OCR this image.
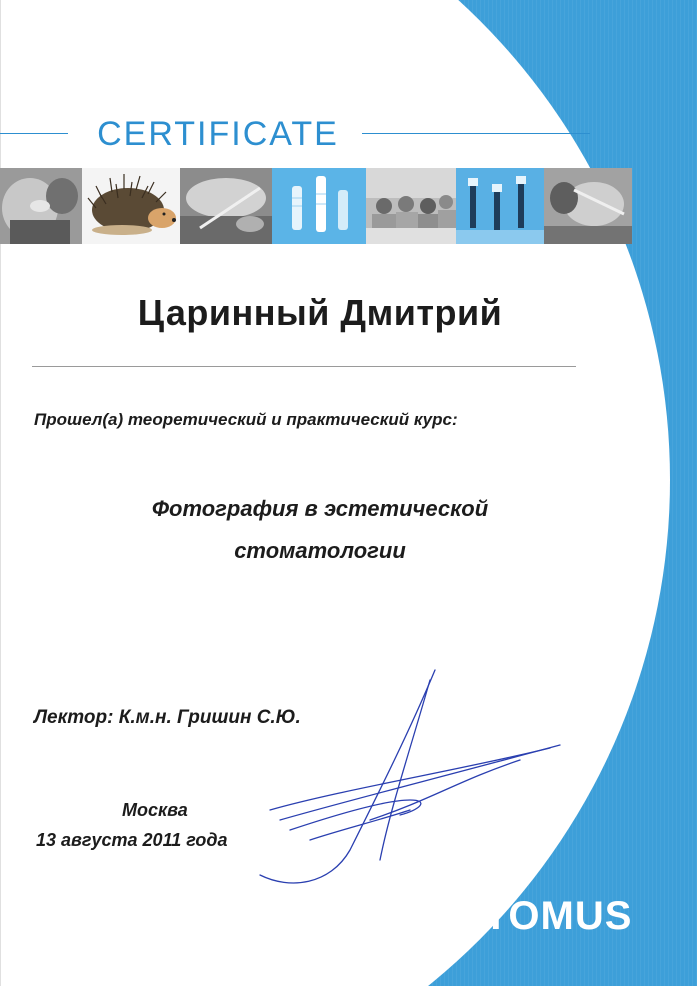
CERTIFICATE
Царинный Дмитрий
Прошел(а) теоретический и практический курс:
Фотография в эстетической
стоматологии
Лектор: К.м.н. Гришин С.Ю.
Москва
13 августа 2011 года
STOMUS
